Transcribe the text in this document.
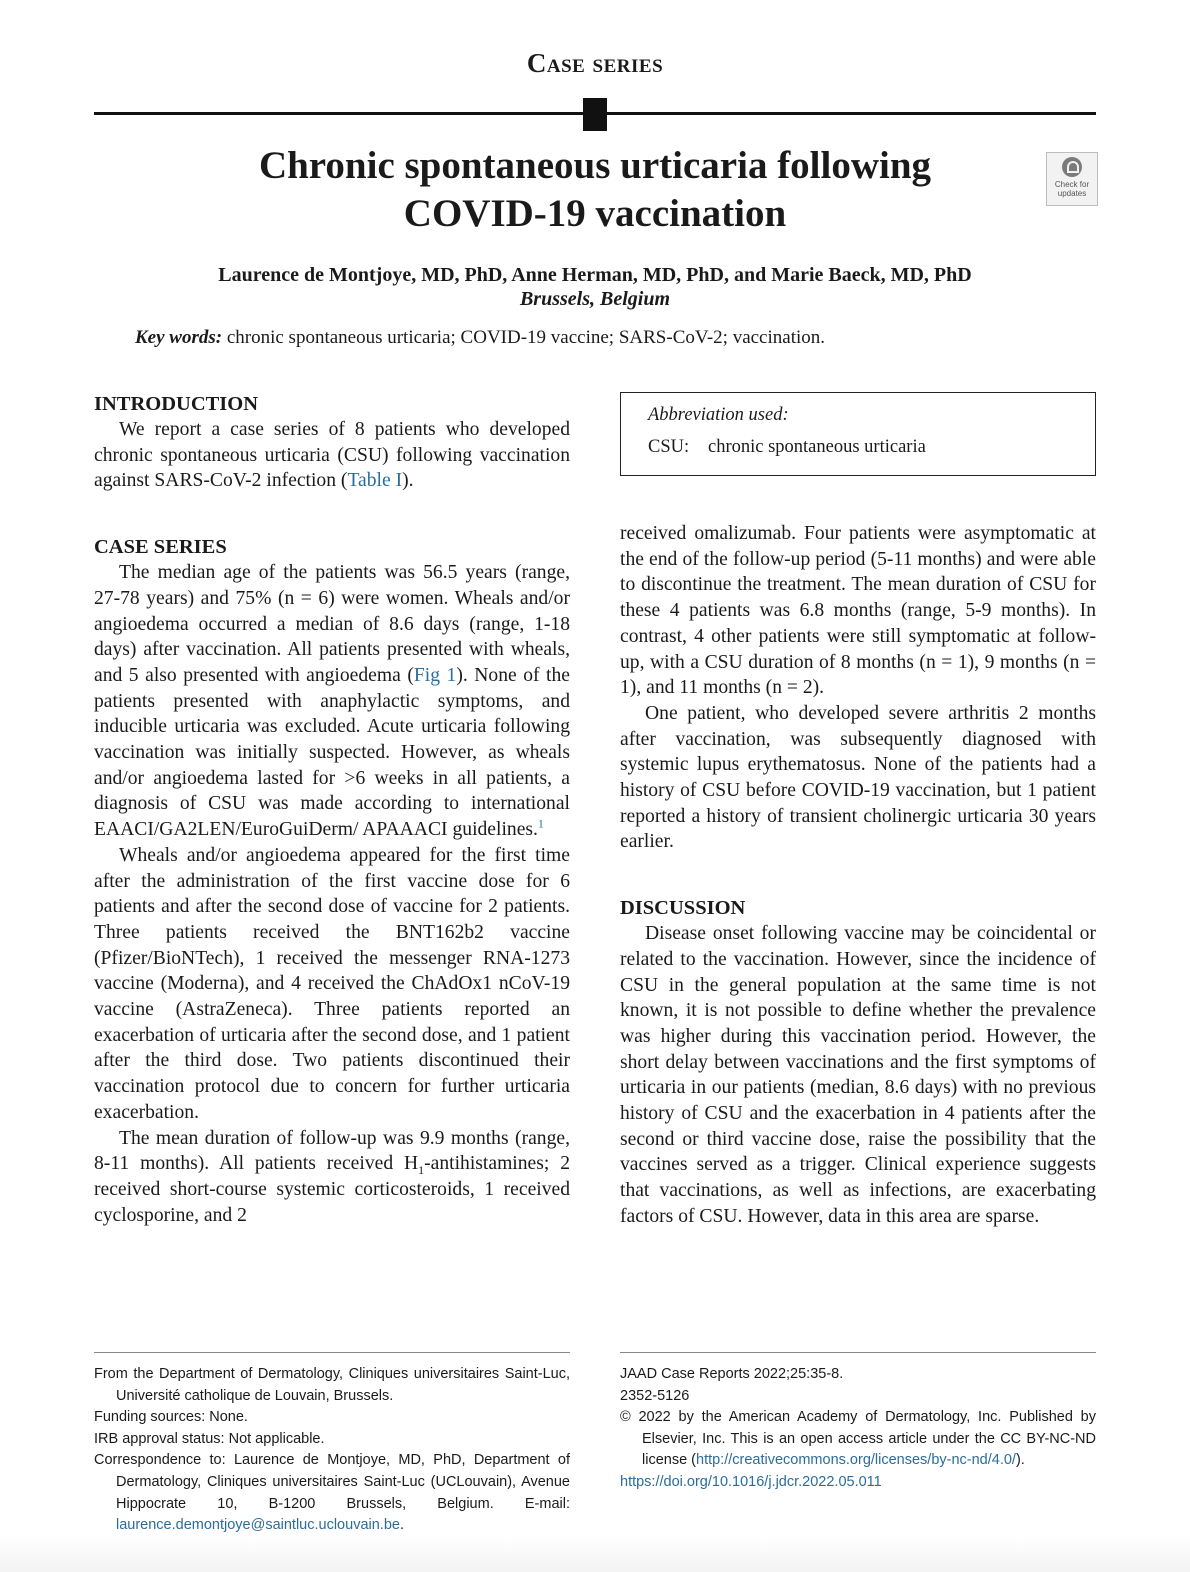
Case series
Chronic spontaneous urticaria following
COVID-19 vaccination
Check for
updates
Laurence de Montjoye, MD, PhD, Anne Herman, MD, PhD, and Marie Baeck, MD, PhD
Brussels, Belgium
Key words: chronic spontaneous urticaria; COVID-19 vaccine; SARS-CoV-2; vaccination.
INTRODUCTION

We report a case series of 8 patients who developed chronic spontaneous urticaria (CSU) following vaccination against SARS-CoV-2 infection (Table I).

CASE SERIES

The median age of the patients was 56.5 years (range, 27-78 years) and 75% (n = 6) were women. Wheals and/or angioedema occurred a median of 8.6 days (range, 1-18 days) after vaccination. All patients presented with wheals, and 5 also presented with angioedema (Fig 1). None of the patients presented with anaphylactic symptoms, and inducible urticaria was excluded. Acute urticaria following vaccination was initially suspected. However, as wheals and/or angioedema lasted for >6 weeks in all patients, a diagnosis of CSU was made according to international EAACI/GA2LEN/EuroGuiDerm/ APAAACI guidelines.$^1$

Wheals and/or angioedema appeared for the first time after the administration of the first vaccine dose for 6 patients and after the second dose of vaccine for 2 patients. Three patients received the BNT162b2 vaccine (Pfizer/BioNTech), 1 received the messenger RNA-1273 vaccine (Moderna), and 4 received the ChAdOx1 nCoV-19 vaccine (AstraZeneca). Three patients reported an exacerbation of urticaria after the second dose, and 1 patient after the third dose. Two patients discontinued their vaccination protocol due to concern for further urticaria exacerbation.

The mean duration of follow-up was 9.9 months (range, 8-11 months). All patients received $H_1$-antihistamines; 2 received short-course systemic corticosteroids, 1 received cyclosporine, and 2

Abbreviation used:
CSU: chronic spontaneous urticaria

received omalizumab. Four patients were asymptomatic at the end of the follow-up period (5-11 months) and were able to discontinue the treatment. The mean duration of CSU for these 4 patients was 6.8 months (range, 5-9 months). In contrast, 4 other patients were still symptomatic at follow-up, with a CSU duration of 8 months (n = 1), 9 months (n = 1), and 11 months (n = 2).

One patient, who developed severe arthritis 2 months after vaccination, was subsequently diagnosed with systemic lupus erythematosus. None of the patients had a history of CSU before COVID-19 vaccination, but 1 patient reported a history of transient cholinergic urticaria 30 years earlier.

DISCUSSION

Disease onset following vaccine may be coincidental or related to the vaccination. However, since the incidence of CSU in the general population at the same time is not known, it is not possible to define whether the prevalence was higher during this vaccination period. However, the short delay between vaccinations and the first symptoms of urticaria in our patients (median, 8.6 days) with no previous history of CSU and the exacerbation in 4 patients after the second or third vaccine dose, raise the possibility that the vaccines served as a trigger. Clinical experience suggests that vaccinations, as well as infections, are exacerbating factors of CSU. However, data in this area are sparse.

From the Department of Dermatology, Cliniques universitaires Saint-Luc, Université catholique de Louvain, Brussels.

Funding sources: None.

IRB approval status: Not applicable.

Correspondence to: Laurence de Montjoye, MD, PhD, Department of Dermatology, Cliniques universitaires Saint-Luc (UCLouvain), Avenue Hippocrate 10, B-1200 Brussels, Belgium. E-mail: laurence.demontjoye@saintluc.uclouvain.be.

JAAD Case Reports 2022;25:35-8.

2352-5126

© 2022 by the American Academy of Dermatology, Inc. Published by Elsevier, Inc. This is an open access article under the CC BY-NC-ND license (http://creativecommons.org/licenses/by-nc-nd/4.0/).

https://doi.org/10.1016/j.jdcr.2022.05.011
